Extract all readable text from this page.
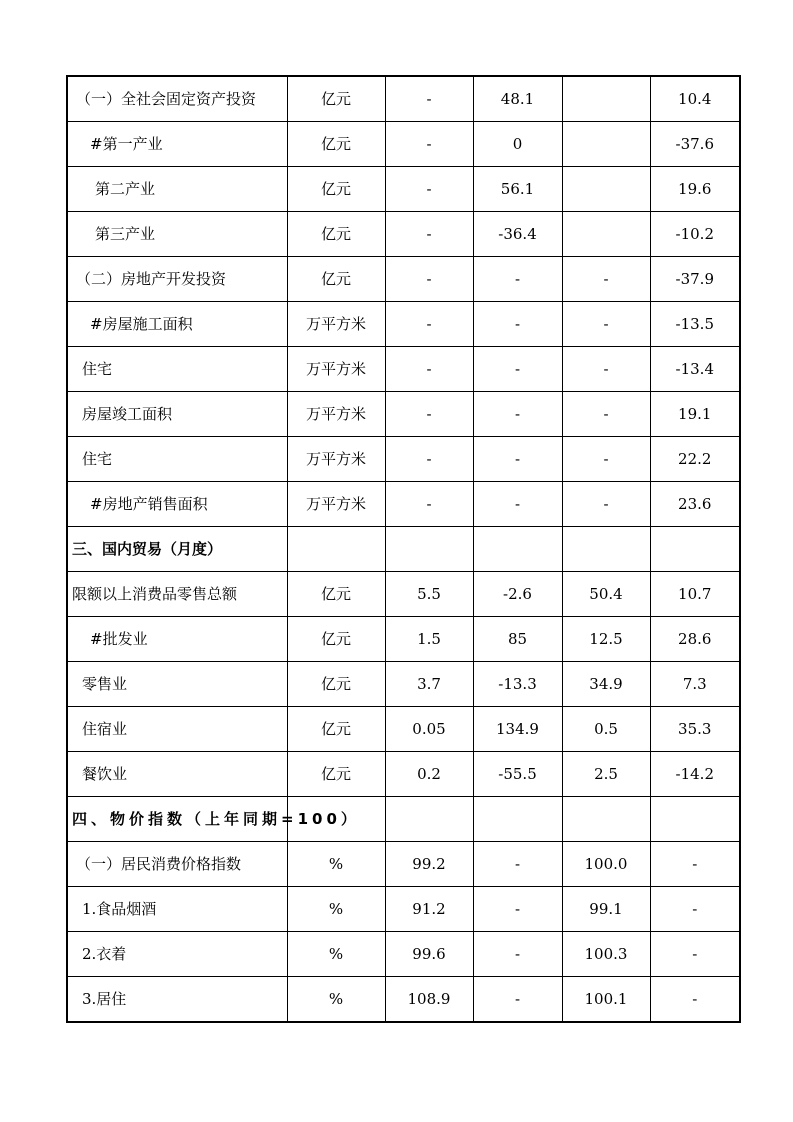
（一）全社会固定资产投资	亿元	-	48.1		10.4
#第一产业	亿元	-	0		-37.6
第二产业	亿元	-	56.1		19.6
第三产业	亿元	-	-36.4		-10.2
（二）房地产开发投资	亿元	-	-	-	-37.9
#房屋施工面积	万平方米	-	-	-	-13.5
住宅	万平方米	-	-	-	-13.4
房屋竣工面积	万平方米	-	-	-	19.1
住宅	万平方米	-	-	-	22.2
#房地产销售面积	万平方米	-	-	-	23.6
三、国内贸易（月度）					
限额以上消费品零售总额	亿元	5.5	-2.6	50.4	10.7
#批发业	亿元	1.5	85	12.5	28.6
零售业	亿元	3.7	-13.3	34.9	7.3
住宿业	亿元	0.05	134.9	0.5	35.3
餐饮业	亿元	0.2	-55.5	2.5	-14.2
四、物价指数（上年同期=100）					
（一）居民消费价格指数	%	99.2	-	100.0	-
1.食品烟酒	%	91.2	-	99.1	-
2.衣着	%	99.6	-	100.3	-
3.居住	%	108.9	-	100.1	-
